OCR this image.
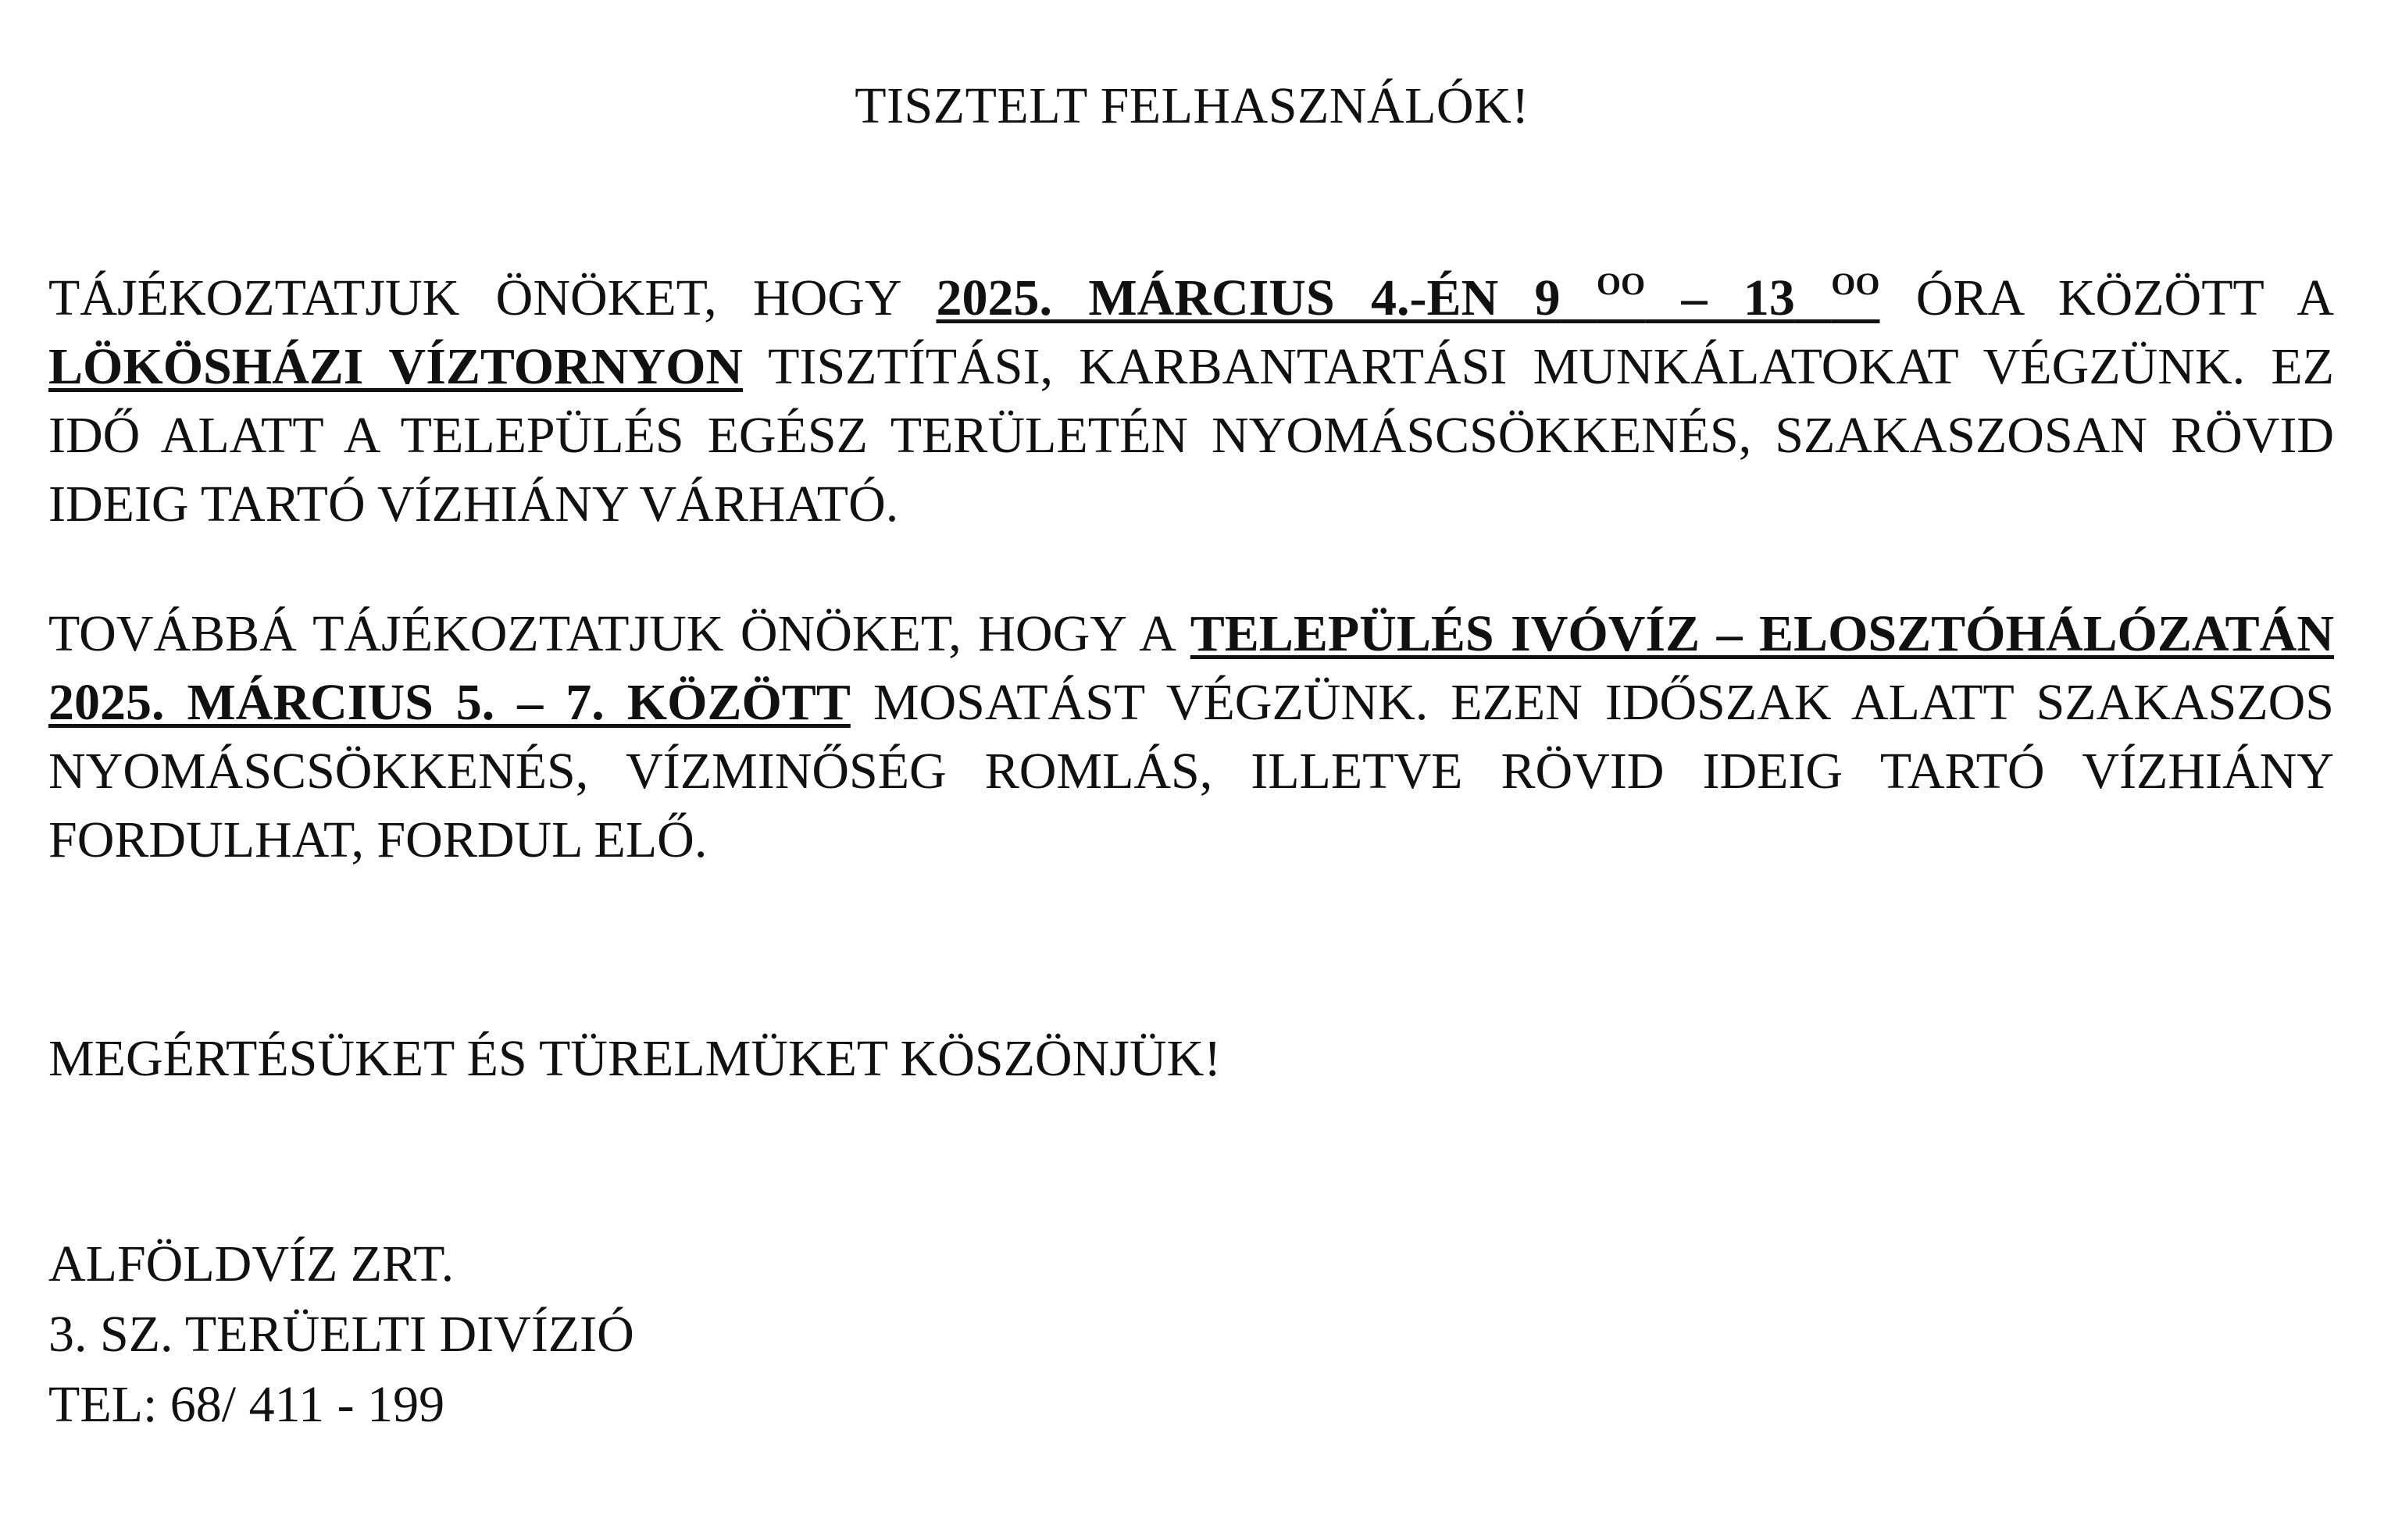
TISZTELT FELHASZNÁLÓK!
TÁJÉKOZTATJUK ÖNÖKET, HOGY 2025. MÁRCIUS 4.-ÉN 9 $^{OO}$ – 13 $^{OO}$ ÓRA KÖZÖTT A LÖKÖSHÁZI VÍZTORNYON TISZTÍTÁSI, KARBANTARTÁSI MUNKÁLATOKAT VÉGZÜNK. EZ IDŐ ALATT A TELEPÜLÉS EGÉSZ TERÜLETÉN NYOMÁSCSÖKKENÉS, SZAKASZOSAN RÖVID IDEIG TARTÓ VÍZHIÁNY VÁRHATÓ.
TOVÁBBÁ TÁJÉKOZTATJUK ÖNÖKET, HOGY A TELEPÜLÉS IVÓVÍZ – ELOSZTÓHÁLÓZATÁN 2025. MÁRCIUS 5. – 7. KÖZÖTT MOSATÁST VÉGZÜNK. EZEN IDŐSZAK ALATT SZAKASZOS NYOMÁSCSÖKKENÉS, VÍZMINŐSÉG ROMLÁS, ILLETVE RÖVID IDEIG TARTÓ VÍZHIÁNY FORDULHAT, FORDUL ELŐ.
MEGÉRTÉSÜKET ÉS TÜRELMÜKET KÖSZÖNJÜK!
ALFÖLDVÍZ ZRT.
3. SZ. TERÜELTI DIVÍZIÓ
TEL: 68/ 411 - 199
